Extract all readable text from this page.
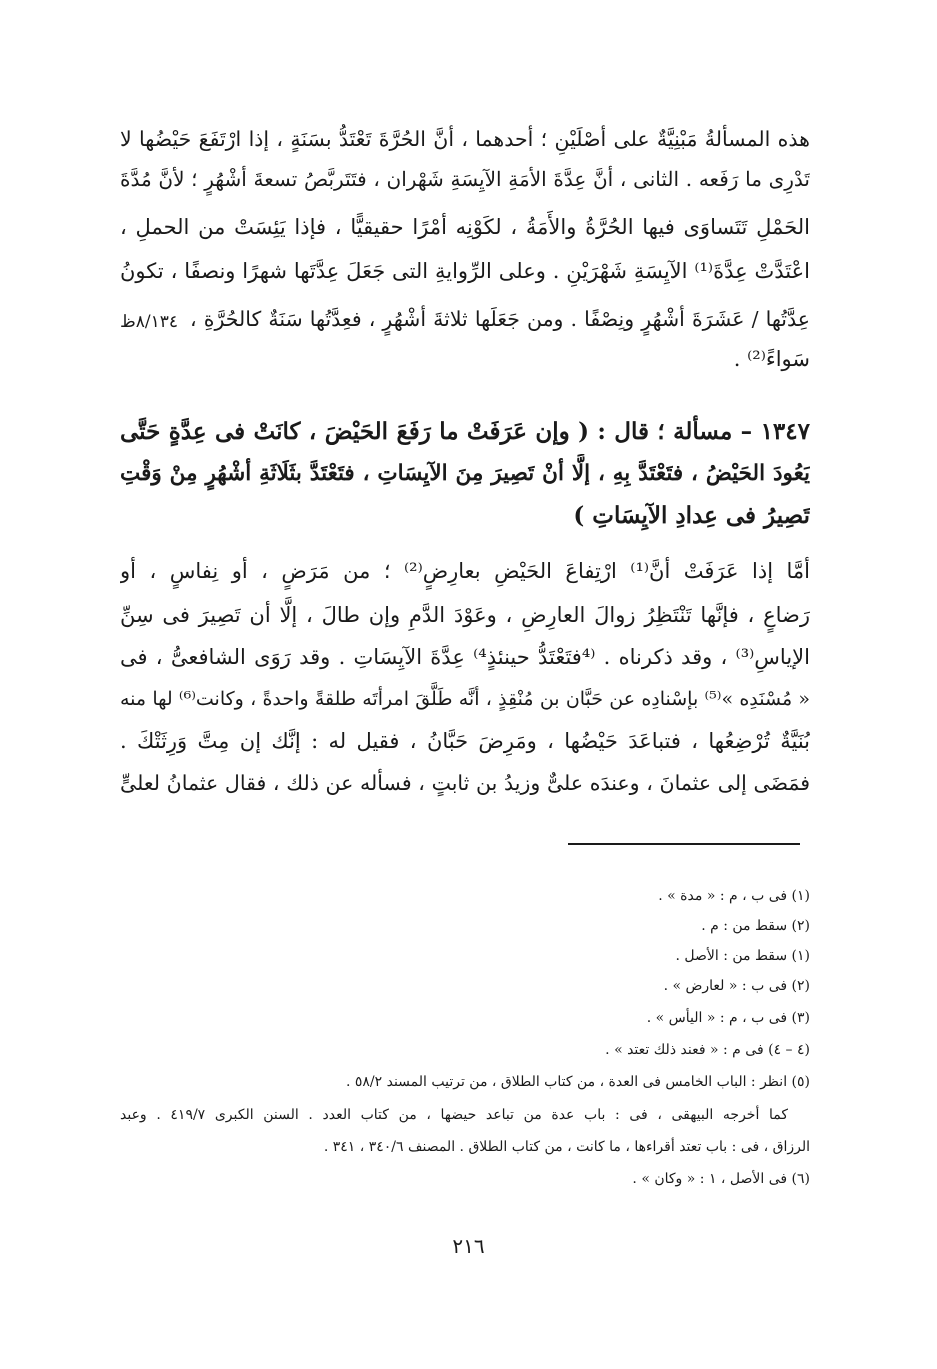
هذه المسألةُ مَبْنِيَّةٌ على أصْلَيْنِ ؛ أحدهما ، أنَّ الحُرَّةَ تَعْتَدُّ بسَنَةٍ ، إذا ارْتَفَعَ حَيْضُها لا

تَدْرِى ما رَفَعه . الثانى ، أنَّ عِدَّةَ الأمَةِ الآيِسَةِ شَهْران ، فتَتَربَّصُ تسعةَ أشْهُرٍ ؛ لأنَّ مُدَّةَ

الحَمْلِ تَتَساوَى فيها الحُرَّةُ والأَمَةُ ، لكَوْنِه أمْرًا حقيقيًّا ، فإذا يَئِسَتْ من الحملِ ،

اعْتَدَّتْ عِدَّةَ⁽¹⁾ الآيِسَةِ شَهْرَيْنِ . وعلى الرِّوايةِ التى جَعَلَ عِدَّتَها شهرًا ونصفًا ، تكونُ

عِدَّتُها / عَشَرَةَ أشْهُرٍ ونِصْفًا . ومن جَعَلَها ثلاثةَ أشْهُرٍ ، فعِدَّتُها سَنَةٌ كالحُرَّةِ ،

سَواءً⁽²⁾ .

٨/١٣٤ظ

١٣٤٧ – مسألة ؛ قال : ( وإن عَرَفَتْ ما رَفَعَ الحَيْضَ ، كانَتْ فى عِدَّةٍ حَتَّى

يَعُودَ الحَيْضُ ، فتَعْتَدَّ بِهِ ، إلَّا أنْ تَصِيرَ مِنَ الآيِسَاتِ ، فتَعْتَدَّ بثَلَاثَةِ أشْهُرٍ مِنْ وَقْتِ

تَصِيرُ فى عِدادِ الآيِسَاتِ )

أمَّا إذا عَرَفَتْ أنَّ⁽¹⁾ ارْتِفاعَ الحَيْضِ بعارِضٍ⁽²⁾ ؛ من مَرَضٍ ، أو نِفاسٍ ، أو

رَضاعٍ ، فإنَّها تَنْتَظِرُ زوالَ العارِضِ ، وعَوْدَ الدَّمِ وإن طالَ ، إلَّا أن تَصِيرَ فى سِنِّ

الإياسِ⁽³⁾ ، وقد ذكرناه . ⁽⁴فتَعْتَدُّ حينئذٍ⁴⁾ عِدَّةَ الآيِسَاتِ . وقد رَوَى الشافعىُّ ، فى

« مُسْنَدِه »⁽⁵⁾ بإسْنادِه عن حَبَّان بن مُنْقِذٍ ، أنَّه طَلَّقَ امرأتَه طلقةً واحدةً ، وكانت⁽⁶⁾ لها منه

بُنَيَّةٌ تُرْضِعُها ، فتباعَدَ حَيْضُها ، ومَرِضَ حَبَّانُ ، فقيل له : إنَّك إن مِتَّ وَرِثَتْكَ .

فمَضَى إلى عثمانَ ، وعندَه علىٌّ وزيدُ بن ثابتٍ ، فسأله عن ذلك ، فقال عثمانُ لعلىٍّ

(١) فى ب ، م : « مدة » .

(٢) سقط من : م .

(١) سقط من : الأصل .

(٢) فى ب : « لعارض » .

(٣) فى ب ، م : « اليأس » .

(٤ – ٤) فى م : « فعند ذلك تعتد » .

(٥) انظر : الباب الخامس فى العدة ، من كتاب الطلاق ، من ترتيب المسند ٥٨/٢ .

كما أخرجه البيهقى ، فى : باب عدة من تباعد حيضها ، من كتاب العدد . السنن الكبرى ٤١٩/٧ . وعبد

الرزاق ، فى : باب تعتد أقراءها ، ما كانت ، من كتاب الطلاق . المصنف ٣٤٠/٦ ، ٣٤١ .

(٦) فى الأصل ، ١ : « وكان » .

٢١٦
